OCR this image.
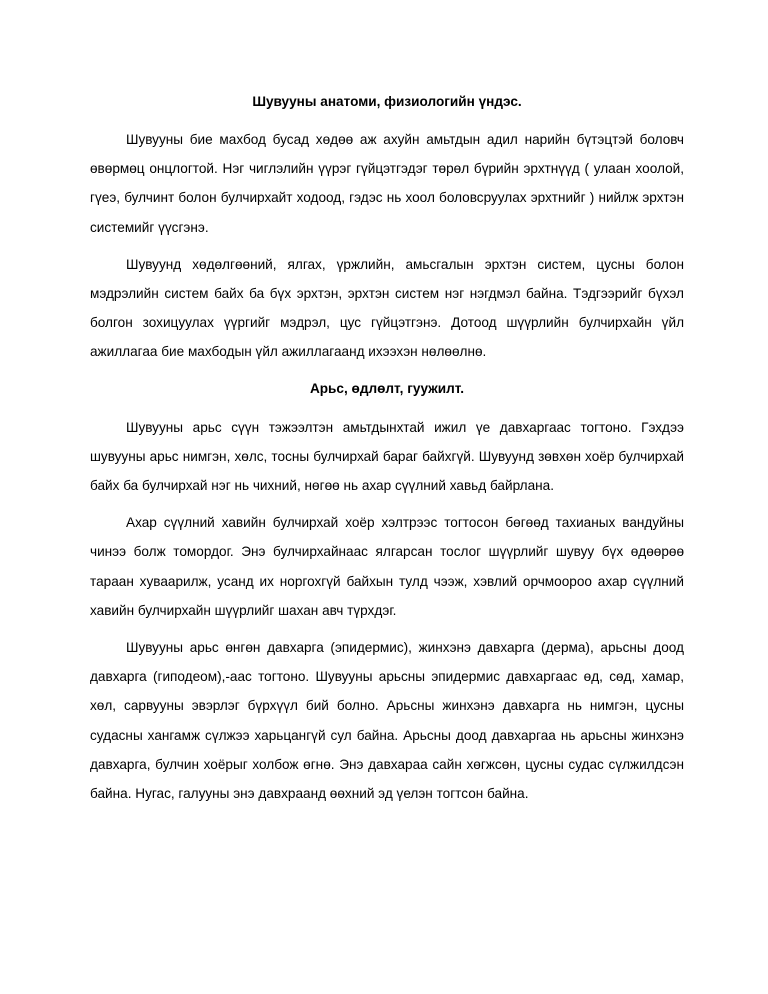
Шувууны анатоми, физиологийн үндэс.

Шувууны бие махбод бусад хөдөө аж ахуйн амьтдын адил нарийн бүтэцтэй боловч өвөрмөц онцлогтой. Нэг чиглэлийн үүрэг гүйцэтгэдэг төрөл бүрийн эрхтнүүд ( улаан хоолой, гүеэ, булчинт болон булчирхайт ходоод, гэдэс нь хоол боловсруулах эрхтнийг ) нийлж эрхтэн системийг үүсгэнэ.

Шувуунд хөдөлгөөний, ялгах, үржлийн, амьсгалын эрхтэн систем, цусны болон мэдрэлийн систем байх ба бүх эрхтэн, эрхтэн систем нэг нэгдмэл байна. Тэдгээрийг бүхэл болгон зохицуулах үүргийг мэдрэл, цус гүйцэтгэнэ. Дотоод шүүрлийн булчирхайн үйл ажиллагаа бие махбодын үйл ажиллагаанд ихээхэн нөлөөлнө.

Арьс, өдлөлт, гуужилт.

Шувууны арьс сүүн тэжээлтэн амьтдынхтай ижил үе давхаргаас тогтоно. Гэхдээ шувууны арьс нимгэн, хөлс, тосны булчирхай бараг байхгүй. Шувуунд зөвхөн хоёр булчирхай байх ба булчирхай нэг нь чихний, нөгөө нь ахар сүүлний хавьд байрлана.

Ахар сүүлний хавийн булчирхай хоёр хэлтрээс тогтосон бөгөөд тахианых вандуйны чинээ болж томордог. Энэ булчирхайнаас ялгарсан тослог шүүрлийг шувуу бүх өдөөрөө тараан хуваарилж, усанд их норгохгүй байхын тулд чээж, хэвлий орчмоороо ахар сүүлний хавийн булчирхайн шүүрлийг шахан авч түрхдэг.

Шувууны арьс өнгөн давхарга (эпидермис), жинхэнэ давхарга (дерма), арьсны доод давхарга (гиподеом),-аас тогтоно. Шувууны арьсны эпидермис давхаргаас өд, сөд, хамар, хөл, сарвууны эвэрлэг бүрхүүл бий болно. Арьсны жинхэнэ давхарга нь нимгэн, цусны судасны хангамж сүлжээ харьцангүй сул байна. Арьсны доод давхаргаа нь арьсны жинхэнэ давхарга, булчин хоёрыг холбож өгнө. Энэ давхараа сайн хөгжсөн, цусны судас сүлжилдсэн байна. Нугас, галууны энэ давхраанд өөхний эд үелэн тогтсон байна.
